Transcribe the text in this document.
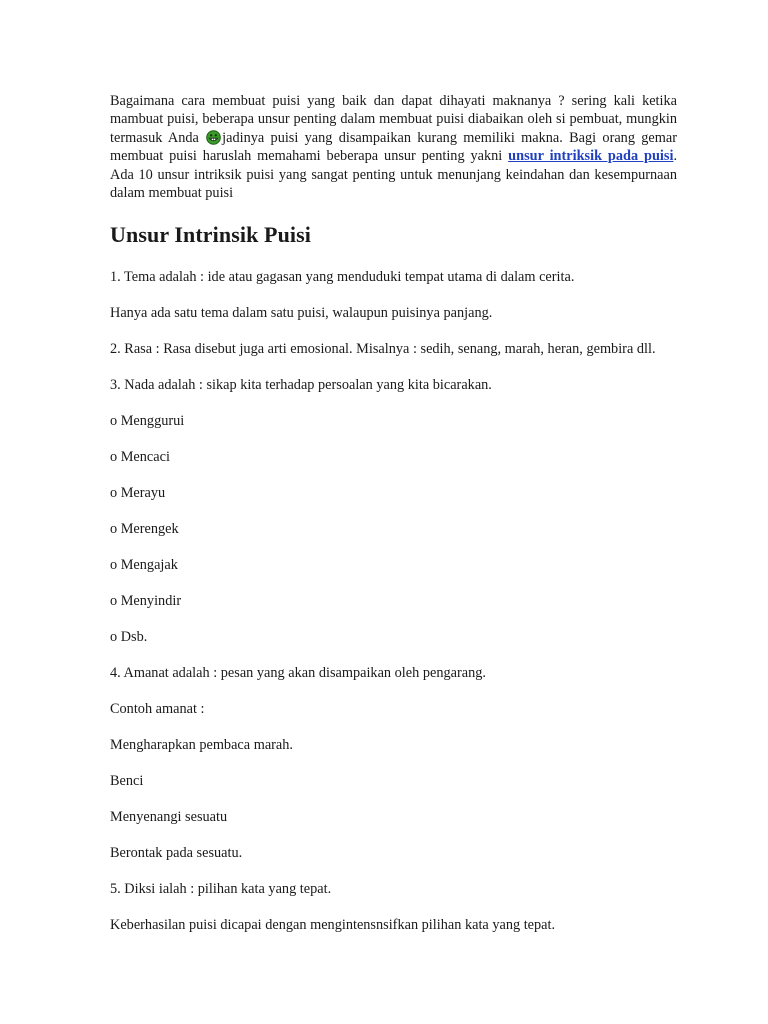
Bagaimana cara membuat puisi yang baik dan dapat dihayati maknanya ? sering kali ketika mambuat puisi, beberapa unsur penting dalam membuat puisi diabaikan oleh si pembuat, mungkin termasuk Anda jadinya puisi yang disampaikan kurang memiliki makna. Bagi orang gemar membuat puisi haruslah memahami beberapa unsur penting yakni unsur intriksik pada puisi. Ada 10 unsur intriksik puisi yang sangat penting untuk menunjang keindahan dan kesempurnaan dalam membuat puisi

Unsur Intrinsik Puisi

1. Tema adalah : ide atau gagasan yang menduduki tempat utama di dalam cerita.

Hanya ada satu tema dalam satu puisi, walaupun puisinya panjang.

2. Rasa : Rasa disebut juga arti emosional. Misalnya : sedih, senang, marah, heran, gembira dll.

3. Nada adalah : sikap kita terhadap persoalan yang kita bicarakan.

o Menggurui

o Mencaci

o Merayu

o Merengek

o Mengajak

o Menyindir

o Dsb.

4. Amanat adalah : pesan yang akan disampaikan oleh pengarang.

Contoh amanat :

Mengharapkan pembaca marah.

Benci

Menyenangi sesuatu

Berontak pada sesuatu.

5. Diksi ialah : pilihan kata yang tepat.

Keberhasilan puisi dicapai dengan mengintensnsifkan pilihan kata yang tepat.
